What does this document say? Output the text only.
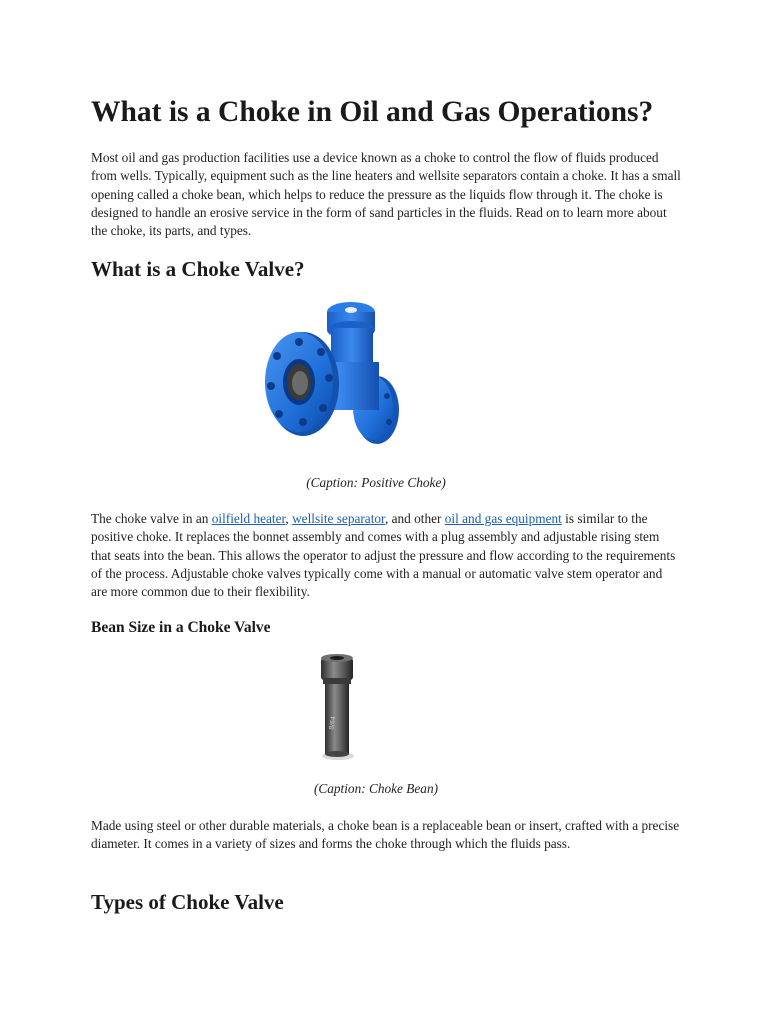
What is a Choke in Oil and Gas Operations?

Most oil and gas production facilities use a device known as a choke to control the flow of fluids produced from wells. Typically, equipment such as the line heaters and wellsite separators contain a choke. It has a small opening called a choke bean, which helps to reduce the pressure as the liquids flow through it. The choke is designed to handle an erosive service in the form of sand particles in the fluids. Read on to learn more about the choke, its parts, and types.

What is a Choke Valve?

(Caption: Positive Choke)

The choke valve in an oilfield heater, wellsite separator, and other oil and gas equipment is similar to the positive choke. It replaces the bonnet assembly and comes with a plug assembly and adjustable rising stem that seats into the bean. This allows the operator to adjust the pressure and flow according to the requirements of the process. Adjustable choke valves typically come with a manual or automatic valve stem operator and are more common due to their flexibility.

Bean Size in a Choke Valve
8/64

(Caption: Choke Bean)

Made using steel or other durable materials, a choke bean is a replaceable bean or insert, crafted with a precise diameter. It comes in a variety of sizes and forms the choke through which the fluids pass.

Types of Choke Valve
